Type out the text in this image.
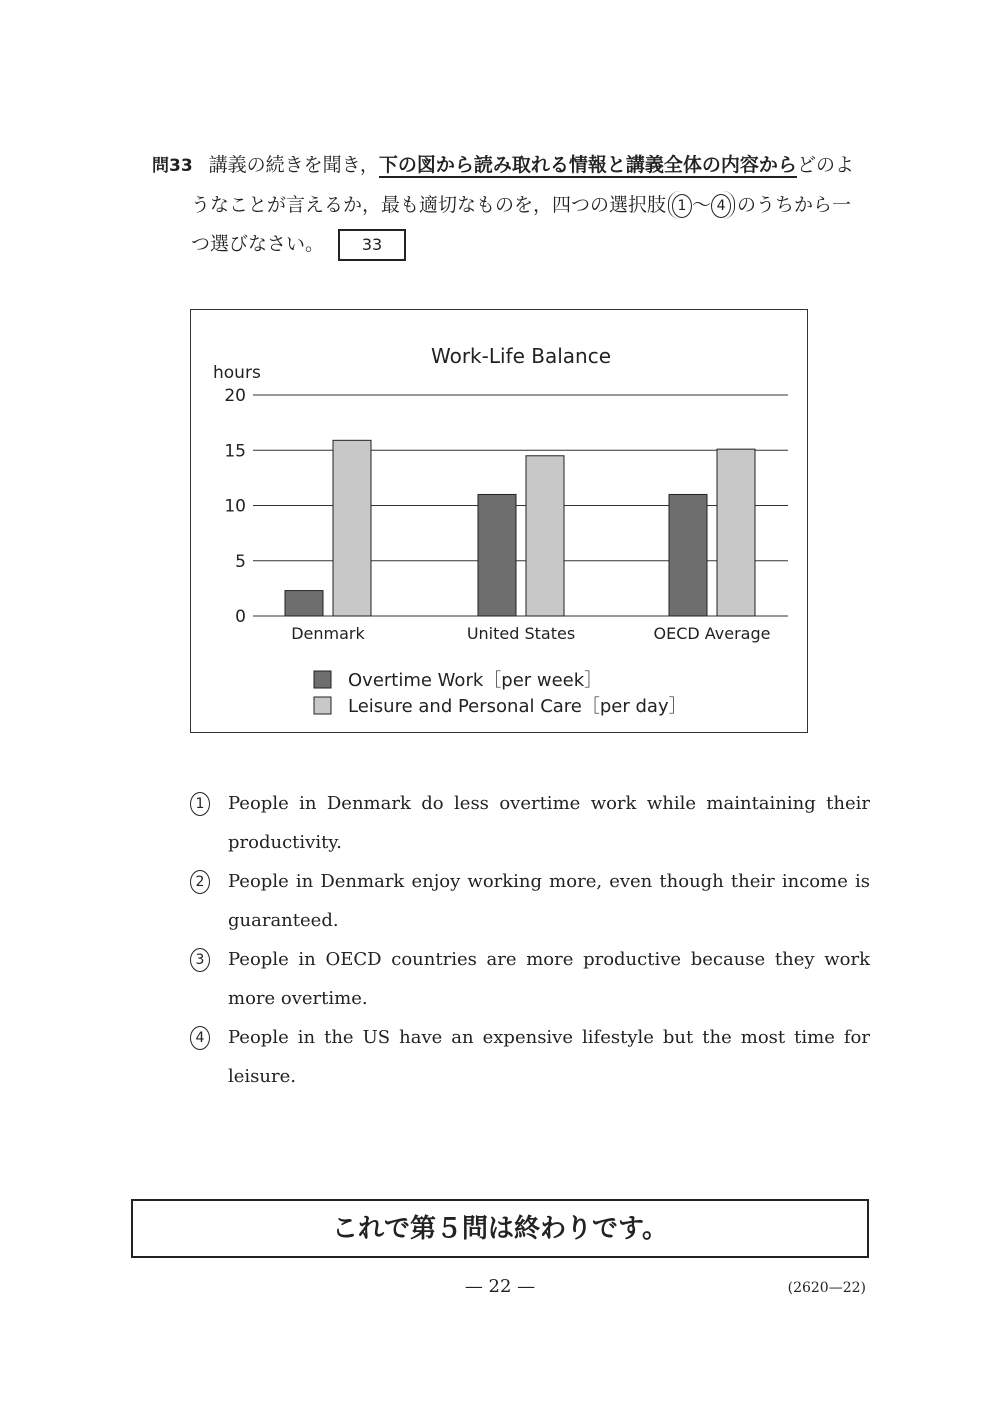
問33 講義の続きを聞き，下の図から読み取れる情報と講義全体の内容からどのよ
うなことが言えるか，最も適切なものを，四つの選択肢 1 ～ 4 のうちから一
つ選びなさい。 33
Work-Life Balance
hours
0
5
10
15
20
Denmark	United States	OECD Average
Overtime Work［per week］
Leisure and Personal Care［per day］
1	People in Denmark do less overtime work while maintaining their productivity.
2	People in Denmark enjoy working more, even though their income is guaranteed.
3	People in OECD countries are more productive because they work more overtime.
4	People in the US have an expensive lifestyle but the most time for leisure.
これで第５問は終わりです。
— 22 —	(2620—22)
